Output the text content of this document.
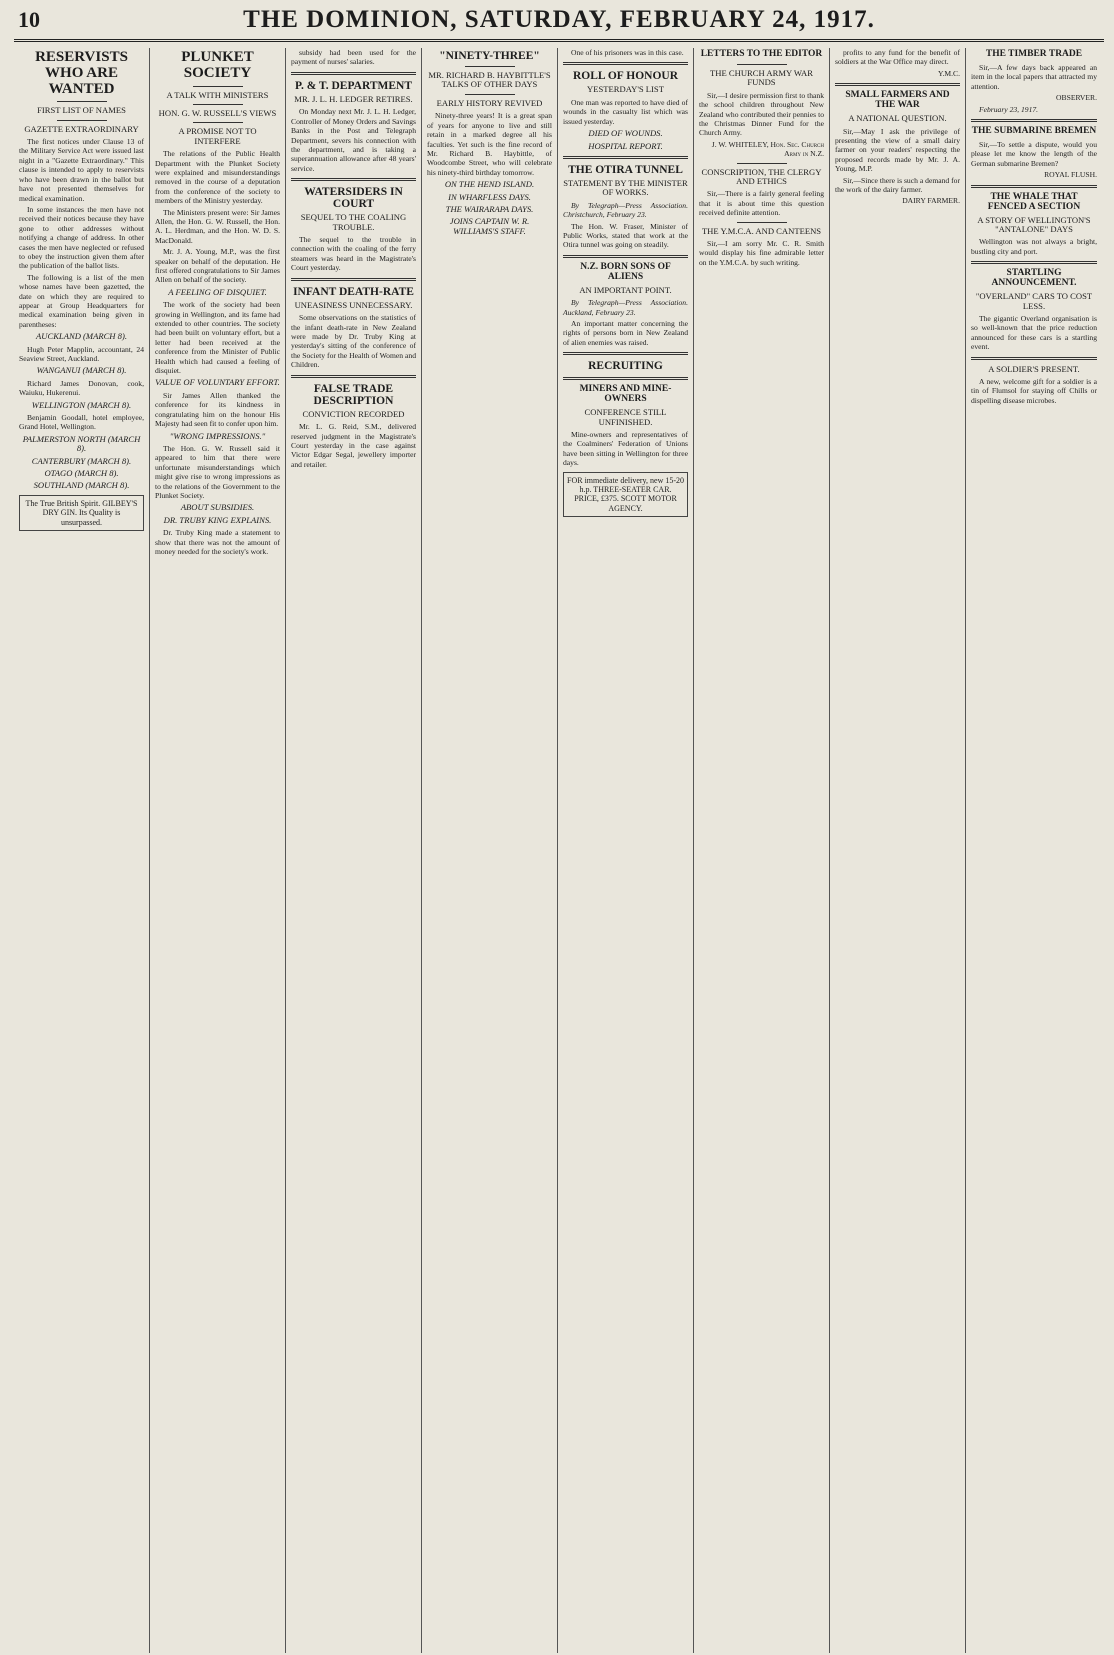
10	THE DOMINION, SATURDAY, FEBRUARY 24, 1917.
RESERVISTS WHO ARE WANTED
FIRST LIST OF NAMES
GAZETTE EXTRAORDINARY

The first notices under Clause 13 of the Military Service Act were issued last night in a "Gazette Extraordinary." This clause is intended to apply to reservists who have been drawn in the ballot but have not presented themselves for medical examination.

In some instances the men have not received their notices because they have gone to other addresses without notifying a change of address. In other cases the men have neglected or refused to obey the instruction given them after the publication of the ballot lists.

The following is a list of the men whose names have been gazetted, the date on which they are required to appear at Group Headquarters for medical examination being given in parentheses:

AUCKLAND (MARCH 8).

Hugh Peter Mapplin, accountant, 24 Seaview Street, Auckland.

WANGANUI (MARCH 8).

Richard James Donovan, cook, Waiuku, Hukerenui.

WELLINGTON (MARCH 8).

Benjamin Goodall, hotel employee, Grand Hotel, Wellington.

PALMERSTON NORTH (MARCH 8).
CANTERBURY (MARCH 8).
OTAGO (MARCH 8).
SOUTHLAND (MARCH 8).
The True British Spirit. GILBEY'S DRY GIN. Its Quality is unsurpassed.
PLUNKET SOCIETY
A TALK WITH MINISTERS
HON. G. W. RUSSELL'S VIEWS
A PROMISE NOT TO INTERFERE

The relations of the Public Health Department with the Plunket Society were explained and misunderstandings removed in the course of a deputation from the conference of the society to members of the Ministry yesterday.

The Ministers present were: Sir James Allen, the Hon. G. W. Russell, the Hon. A. L. Herdman, and the Hon. W. D. S. MacDonald.

Mr. J. A. Young, M.P., was the first speaker on behalf of the deputation. He first offered congratulations to Sir James Allen on behalf of the society.

A FEELING OF DISQUIET.

The work of the society had been growing in Wellington, and its fame had extended to other countries. The society had been built on voluntary effort, but a letter had been received at the conference from the Minister of Public Health which had caused a feeling of disquiet.

VALUE OF VOLUNTARY EFFORT.

Sir James Allen thanked the conference for its kindness in congratulating him on the honour His Majesty had seen fit to confer upon him.

"WRONG IMPRESSIONS."

The Hon. G. W. Russell said it appeared to him that there were unfortunate misunderstandings which might give rise to wrong impressions as to the relations of the Government to the Plunket Society.

ABOUT SUBSIDIES.
DR. TRUBY KING EXPLAINS.

Dr. Truby King made a statement to show that there was not the amount of money needed for the society's work.

subsidy had been used for the payment of nurses' salaries.

P. & T. DEPARTMENT
MR. J. L. H. LEDGER RETIRES.

On Monday next Mr. J. L. H. Ledger, Controller of Money Orders and Savings Banks in the Post and Telegraph Department, severs his connection with the department, and is taking a superannuation allowance after 48 years' service.

WATERSIDERS IN COURT
SEQUEL TO THE COALING TROUBLE.

The sequel to the trouble in connection with the coaling of the ferry steamers was heard in the Magistrate's Court yesterday.

INFANT DEATH-RATE
UNEASINESS UNNECESSARY.

Some observations on the statistics of the infant death-rate in New Zealand were made by Dr. Truby King at yesterday's sitting of the conference of the Society for the Health of Women and Children.

FALSE TRADE DESCRIPTION
CONVICTION RECORDED

Mr. L. G. Reid, S.M., delivered reserved judgment in the Magistrate's Court yesterday in the case against Victor Edgar Segal, jewellery importer and retailer.

"NINETY-THREE"
MR. RICHARD B. HAYBITTLE'S TALKS OF OTHER DAYS
EARLY HISTORY REVIVED

Ninety-three years! It is a great span of years for anyone to live and still retain in a marked degree all his faculties. Yet such is the fine record of Mr. Richard B. Haybittle, of Woodcombe Street, who will celebrate his ninety-third birthday tomorrow.

ON THE HEND ISLAND.
IN WHARFLESS DAYS.
THE WAIRARAPA DAYS.
JOINS CAPTAIN W. R. WILLIAMS'S STAFF.

One of his prisoners was in this case.

ROLL OF HONOUR
YESTERDAY'S LIST

One man was reported to have died of wounds in the casualty list which was issued yesterday.

DIED OF WOUNDS.
HOSPITAL REPORT.
THE OTIRA TUNNEL
STATEMENT BY THE MINISTER OF WORKS.

By Telegraph—Press Association. Christchurch, February 23.

The Hon. W. Fraser, Minister of Public Works, stated that work at the Otira tunnel was going on steadily.

N.Z. BORN SONS OF ALIENS
AN IMPORTANT POINT.

By Telegraph—Press Association. Auckland, February 23.

An important matter concerning the rights of persons born in New Zealand of alien enemies was raised.

RECRUITING
MINERS AND MINE-OWNERS
CONFERENCE STILL UNFINISHED.

Mine-owners and representatives of the Coalminers' Federation of Unions have been sitting in Wellington for three days.

FOR immediate delivery, new 15-20 h.p. THREE-SEATER CAR. PRICE, £375. SCOTT MOTOR AGENCY.
LETTERS TO THE EDITOR
THE CHURCH ARMY WAR FUNDS

Sir,—I desire permission first to thank the school children throughout New Zealand who contributed their pennies to the Christmas Dinner Fund for the Church Army.

J. W. WHITELEY, Hon. Sec. Church Army in N.Z.

CONSCRIPTION, THE CLERGY AND ETHICS

Sir,—There is a fairly general feeling that it is about time this question received definite attention.

THE Y.M.C.A. AND CANTEENS

Sir,—I am sorry Mr. C. R. Smith would display his fine admirable letter on the Y.M.C.A. by such writing.

profits to any fund for the benefit of soldiers at the War Office may direct.

Y.M.C.

SMALL FARMERS AND THE WAR
A NATIONAL QUESTION.

Sir,—May I ask the privilege of presenting the view of a small dairy farmer on your readers' respecting the proposed records made by Mr. J. A. Young, M.P.

Sir,—Since there is such a demand for the work of the dairy farmer.

DAIRY FARMER.

THE TIMBER TRADE

Sir,—A few days back appeared an item in the local papers that attracted my attention.

OBSERVER.

February 23, 1917.

THE SUBMARINE BREMEN

Sir,—To settle a dispute, would you please let me know the length of the German submarine Bremen?

ROYAL FLUSH.

THE WHALE THAT FENCED A SECTION
A STORY OF WELLINGTON'S "ANTALONE" DAYS

Wellington was not always a bright, bustling city and port.

STARTLING ANNOUNCEMENT.
"OVERLAND" CARS TO COST LESS.

The gigantic Overland organisation is so well-known that the price reduction announced for these cars is a startling event.

A SOLDIER'S PRESENT.

A new, welcome gift for a soldier is a tin of Flumsol for staying off Chills or dispelling disease microbes.
